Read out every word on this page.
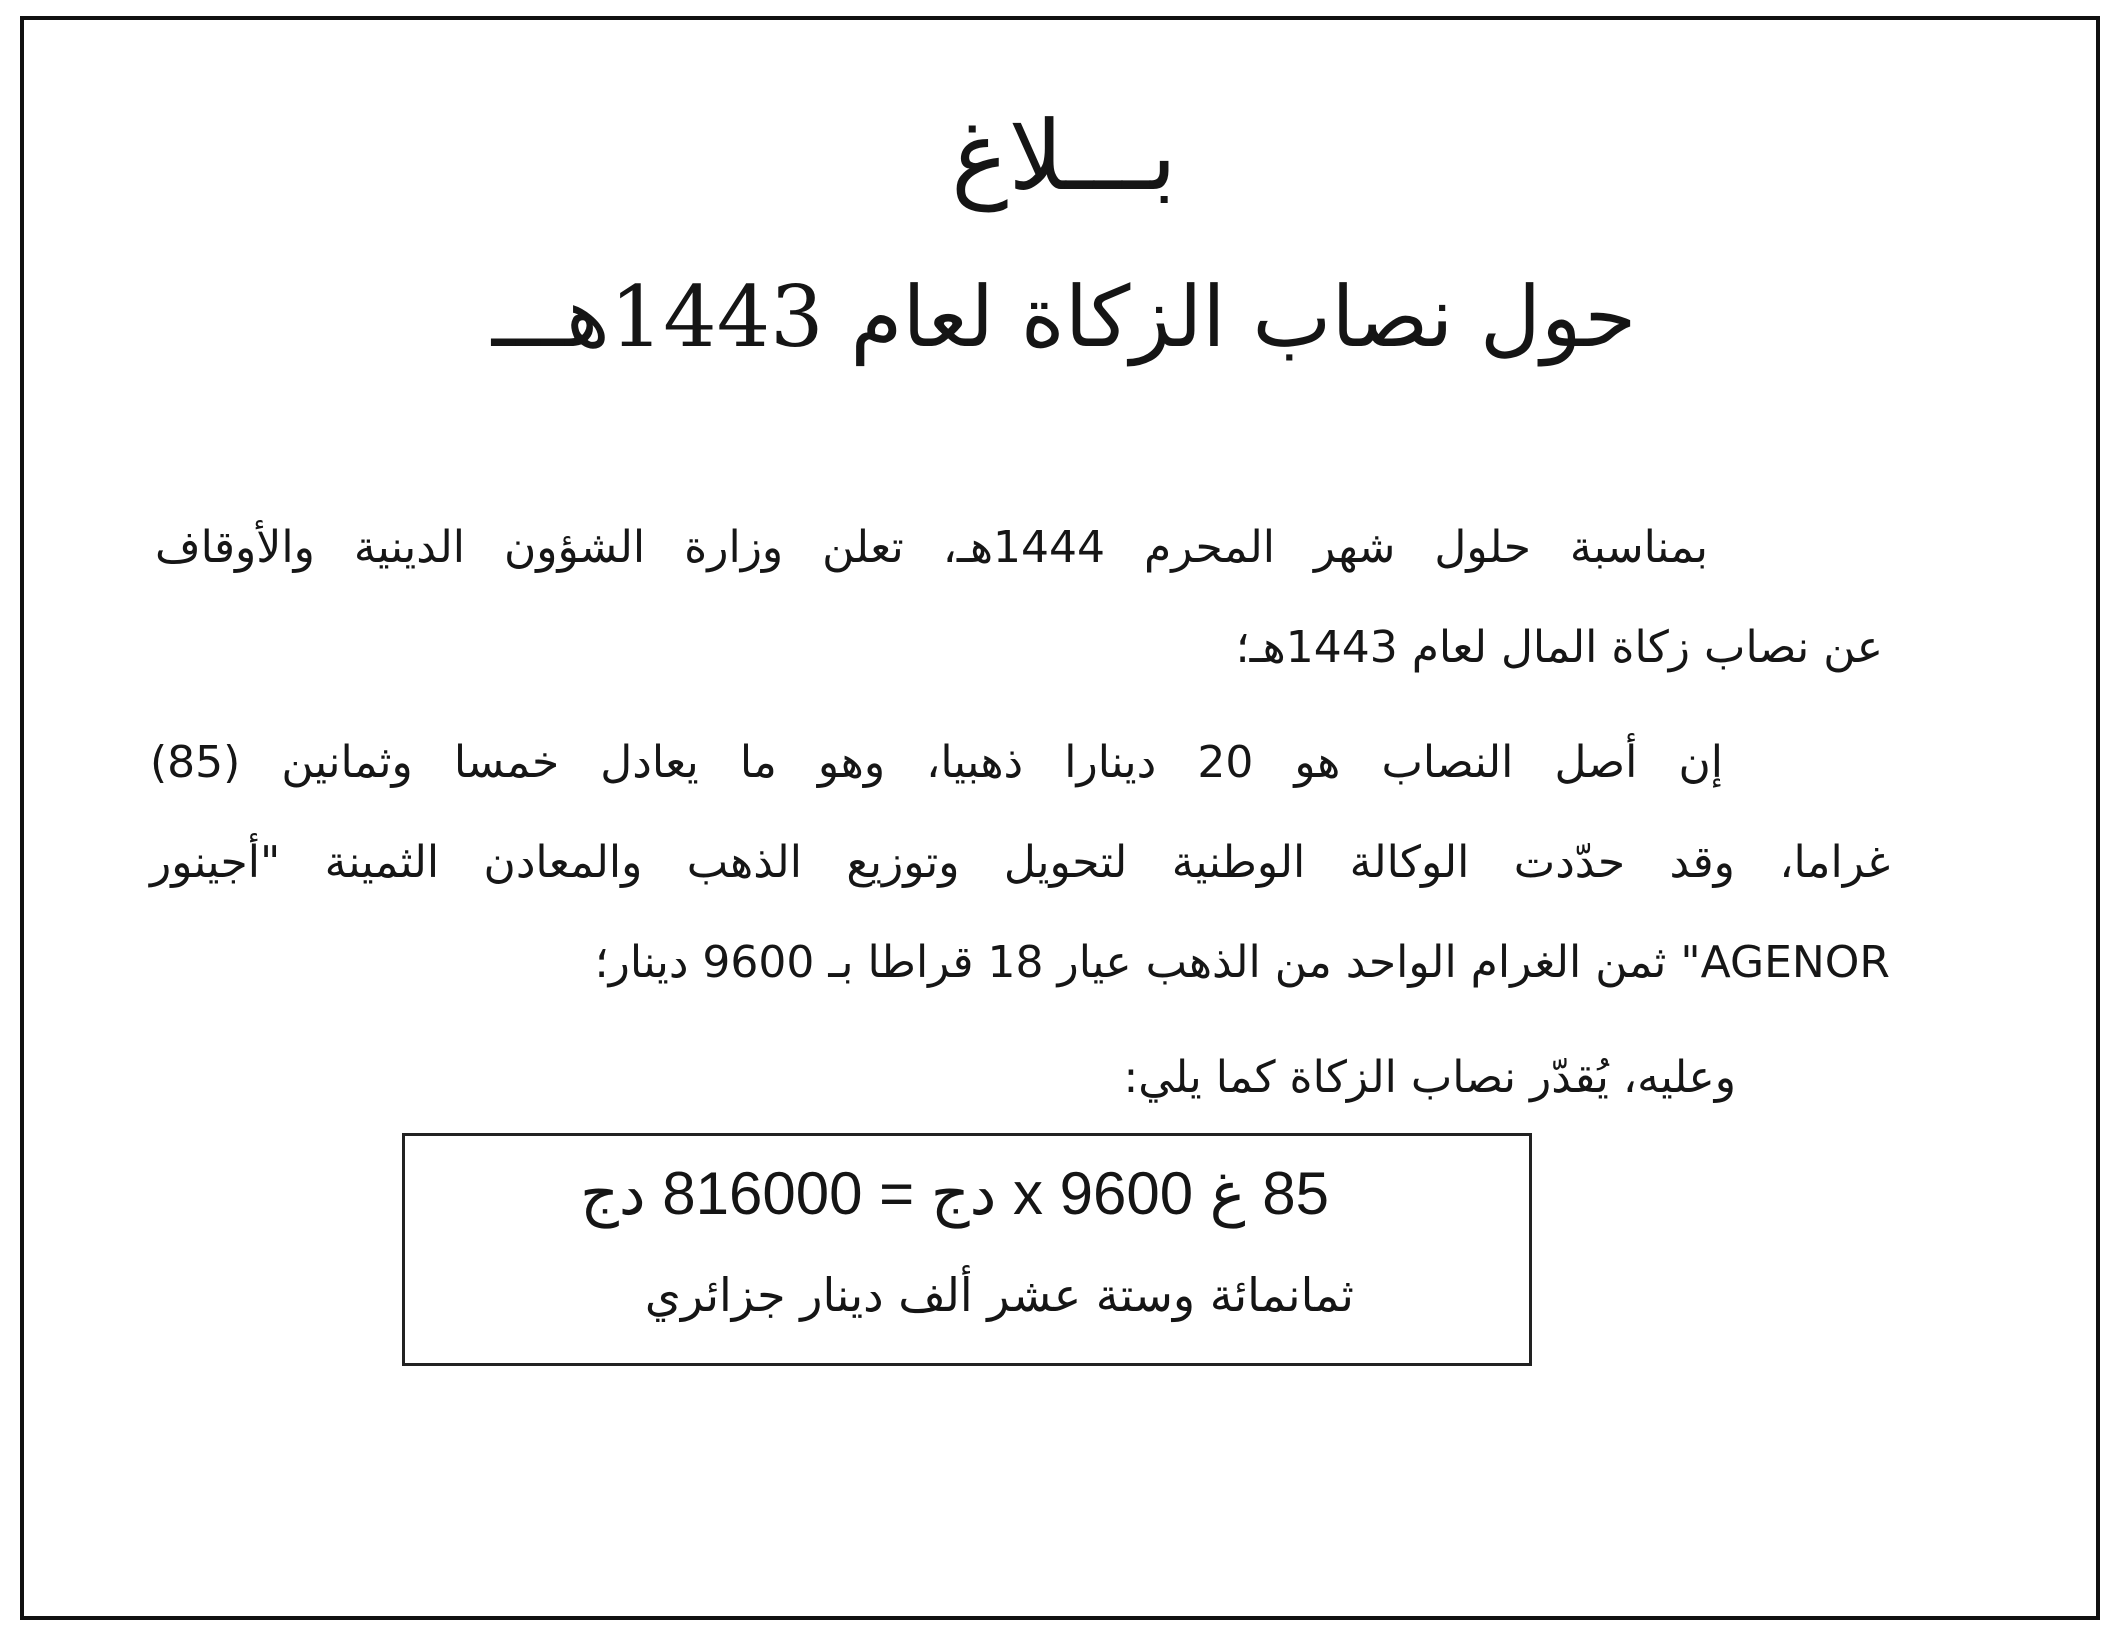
بـــلاغ
حول نصاب الزكاة لعام 1443هـــ
بمناسبة حلول شهر المحرم 1444هـ، تعلن وزارة الشؤون الدينية والأوقاف
عن نصاب زكاة المال لعام 1443هـ؛
إن أصل النصاب هو 20 دينارا ذهبيا، وهو ما يعادل خمسا وثمانين (85)
غراما، وقد حدّدت الوكالة الوطنية لتحويل وتوزيع الذهب والمعادن الثمينة "أجينور
AGENOR" ثمن الغرام الواحد من الذهب عيار 18 قراطا بـ 9600 دينار؛
وعليه، يُقدّر نصاب الزكاة كما يلي:
85 غ x 9600 دج = 816000 دج
ثمانمائة وستة عشر ألف دينار جزائري
